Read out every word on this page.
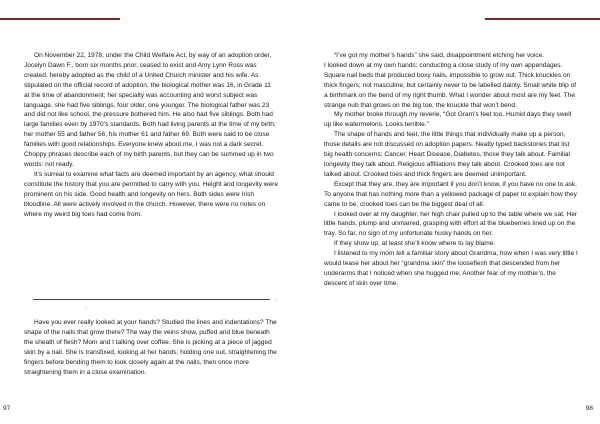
On November 22, 1978, under the Child Welfare Act, by way of an adoption order, Jocelyn Dawn F., born six months prior, ceased to exist and Amy Lynn Ross was created, hereby adopted as the child of a United Church minister and his wife. As stipulated on the official record of adoption, the biological mother was 16, in Grade 11 at the time of abandonment; her specialty was accounting and worst subject was language, she had five siblings, four older, one younger. The biological father was 23 and did not like school, the pressure bothered him. He also had five siblings. Both had large families even by 1970’s standards. Both had living parents at the time of my birth; her mother 55 and father 56, his mother 61 and father 69. Both were said to be close families with good relationships. Everyone knew about me, I was not a dark secret. Choppy phrases describe each of my birth parents, but they can be summed up in two words: not ready.

It’s surreal to examine what facts are deemed important by an agency, what should constitute the history that you are permitted to carry with you. Height and longevity were prominent on his side. Good health and longevity on hers. Both sides were Irish bloodline. All were actively involved in the church. However, there were no notes on where my weird big toes had come from.

.
.

Have you ever really looked at your hands? Studied the lines and indentations? The shape of the nails that grow there? The way the veins show, puffed and blue beneath the sheath of flesh? Mom and I talking over coffee. She is picking at a piece of jagged skin by a nail. She is transfixed, looking at her hands; holding one out, straightening the fingers before bending them to look closely again at the nails, then once more straightening them in a close examination.

97

“I’ve got my mother’s hands” she said, disappointment etching her voice.

I looked down at my own hands; conducting a close study of my own appendages. Square nail beds that produced boxy nails, impossible to grow out. Thick knuckles on thick fingers; not masculine, but certainly never to be labelled dainty. Small white blip of a birthmark on the bend of my right thumb. What I wonder about most are my feet. The strange nub that grows on the big toe, the knuckle that won’t bend.

My mother broke through my reverie, “Got Gram’s feet too. Humid days they swell up like watermelons. Looks terrible.”

The shape of hands and feet, the little things that individually make up a person, those details are not discussed on adoption papers. Neatly typed backstories that list big health concerns; Cancer, Heart Disease, Diabetes, those they talk about. Familial longevity they talk about. Religious affiliations they talk about. Crooked toes are not talked about. Crooked toes and thick fingers are deemed unimportant.

Except that they are, they are important if you don’t know, if you have no one to ask. To anyone that has nothing more than a yellowed package of paper to explain how they came to be, crooked toes can be the biggest deal of all.

I looked over at my daughter, her high chair pulled up to the table where we sat. Her little hands, plump and unmarred, grasping with effort at the blueberries lined up on the tray. So far, no sign of my unfortunate husky hands on her.

If they show up, at least she’ll know where to lay blame.

I listened to my mom tell a familiar story about Grandma, how when I was very little I would tease her about her “grandma skin” the looseflesh that descended from her underarms that I noticed when she hugged me. Another fear of my mother’s, the descent of skin over time.

98
